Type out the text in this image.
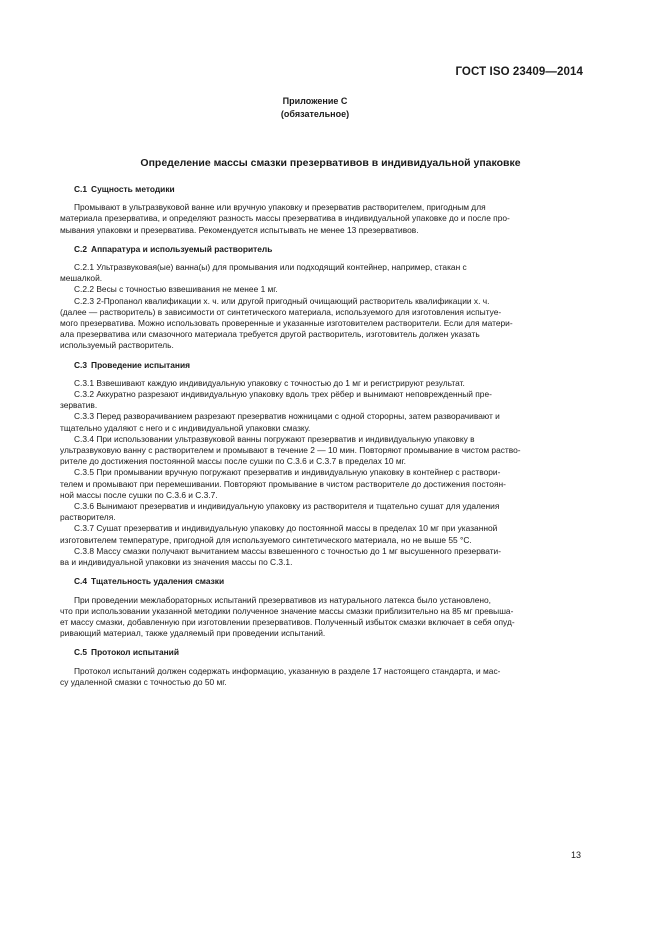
ГОСТ ISO 23409—2014
Приложение С
(обязательное)
Определение массы смазки презервативов в индивидуальной упаковке
С.1 Сущность методики
Промывают в ультразвуковой ванне или вручную упаковку и презерватив растворителем, пригодным для
материала презерватива, и определяют разность массы презерватива в индивидуальной упаковке до и после про-
мывания упаковки и презерватива. Рекомендуется испытывать не менее 13 презервативов.
С.2 Аппаратура и используемый растворитель
С.2.1 Ультразвуковая(ые) ванна(ы) для промывания или подходящий контейнер, например, стакан с
мешалкой.
С.2.2 Весы с точностью взвешивания не менее 1 мг.
С.2.3 2-Пропанол квалификации х. ч. или другой пригодный очищающий растворитель квалификации х. ч.
(далее — растворитель) в зависимости от синтетического материала, используемого для изготовления испытуе-
мого презерватива. Можно использовать проверенные и указанные изготовителем растворители. Если для матери-
ала презерватива или смазочного материала требуется другой растворитель, изготовитель должен указать
используемый растворитель.
С.3 Проведение испытания
С.3.1 Взвешивают каждую индивидуальную упаковку с точностью до 1 мг и регистрируют результат.
С.3.2 Аккуратно разрезают индивидуальную упаковку вдоль трех рёбер и вынимают неповрежденный пре-
зерватив.
С.3.3 Перед разворачиванием разрезают презерватив ножницами с одной сторорны, затем разворачивают и
тщательно удаляют с него и с индивидуальной упаковки смазку.
С.3.4 При использовании ультразвуковой ванны погружают презерватив и индивидуальную упаковку в
ультразвуковую ванну с растворителем и промывают в течение 2 — 10 мин. Повторяют промывание в чистом раство-
рителе до достижения постоянной массы после сушки по С.3.6 и С.3.7 в пределах 10 мг.
С.3.5 При промывании вручную погружают презерватив и индивидуальную упаковку в контейнер с раствори-
телем и промывают при перемешивании. Повторяют промывание в чистом растворителе до достижения постоян-
ной массы после сушки по С.3.6 и С.3.7.
С.3.6 Вынимают презерватив и индивидуальную упаковку из растворителя и тщательно сушат для удаления
растворителя.
С.3.7 Сушат презерватив и индивидуальную упаковку до постоянной массы в пределах 10 мг при указанной
изготовителем температуре, пригодной для используемого синтетического материала, но не выше 55 °С.
С.3.8 Массу смазки получают вычитанием массы взвешенного с точностью до 1 мг высушенного презервати-
ва и индивидуальной упаковки из значения массы по С.3.1.
С.4 Тщательность удаления смазки
При проведении межлабораторных испытаний презервативов из натурального латекса было установлено,
что при использовании указанной методики полученное значение массы смазки приблизительно на 85 мг превыша-
ет массу смазки, добавленную при изготовлении презервативов. Полученный избыток смазки включает в себя опуд-
ривающий материал, также удаляемый при проведении испытаний.
С.5 Протокол испытаний
Протокол испытаний должен содержать информацию, указанную в разделе 17 настоящего стандарта, и мас-
су удаленной смазки с точностью до 50 мг.
13
